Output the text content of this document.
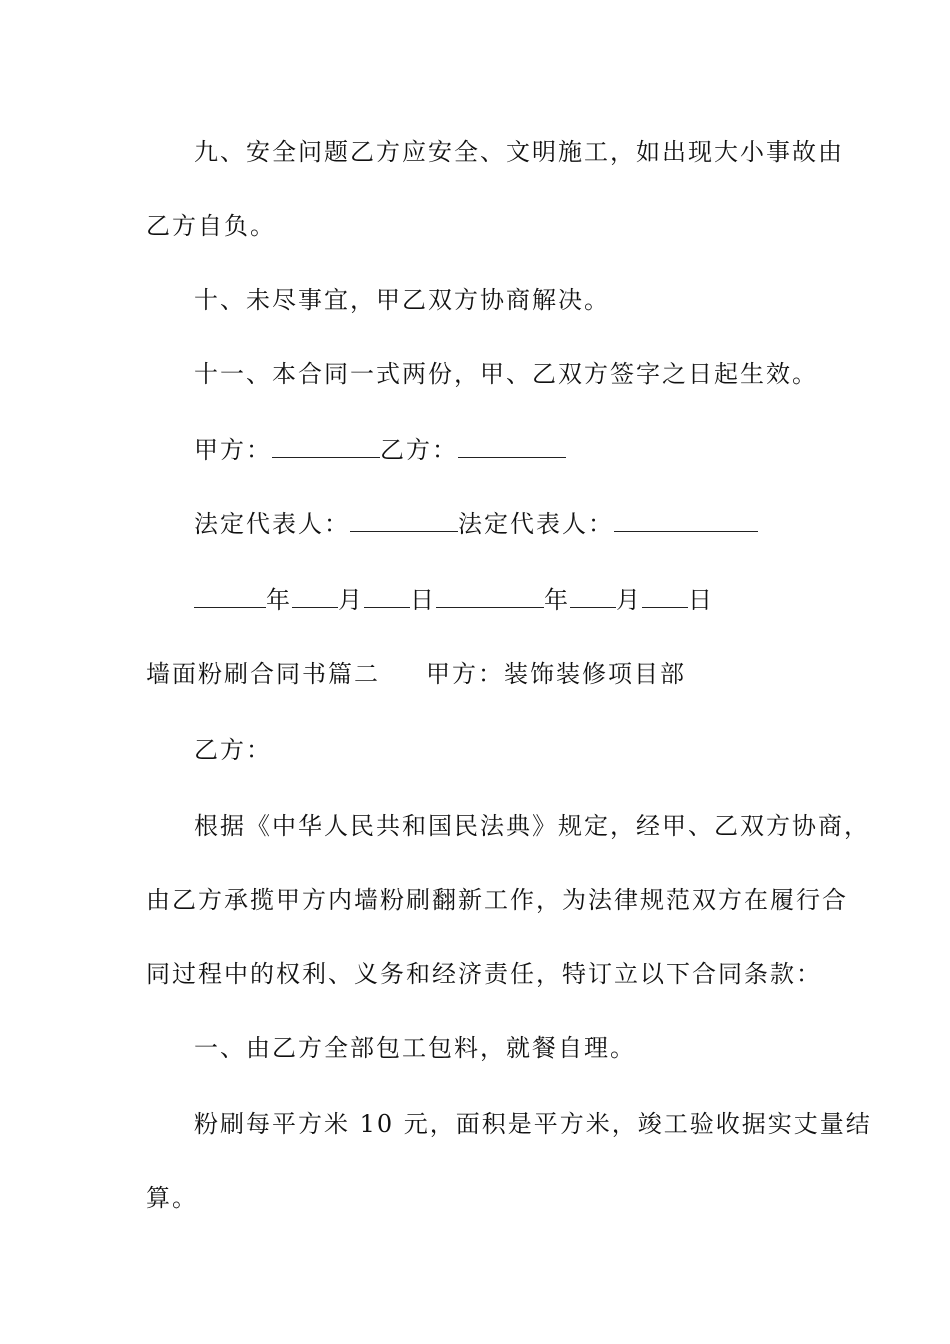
九、安全问题乙方应安全、文明施工，如出现大小事故由
乙方自负。
十、未尽事宜，甲乙双方协商解决。
十一、本合同一式两份，甲、乙双方签字之日起生效。
甲方：	乙方：
法定代表人：	法定代表人：
年 月 日	年 月 日
墙面粉刷合同书篇二 甲方：装饰装修项目部
乙方：
根据《中华人民共和国民法典》规定，经甲、乙双方协商，
由乙方承揽甲方内墙粉刷翻新工作，为法律规范双方在履行合
同过程中的权利、义务和经济责任，特订立以下合同条款：
一、由乙方全部包工包料，就餐自理。
粉刷每平方米 10 元，面积是平方米，竣工验收据实丈量结
算。
